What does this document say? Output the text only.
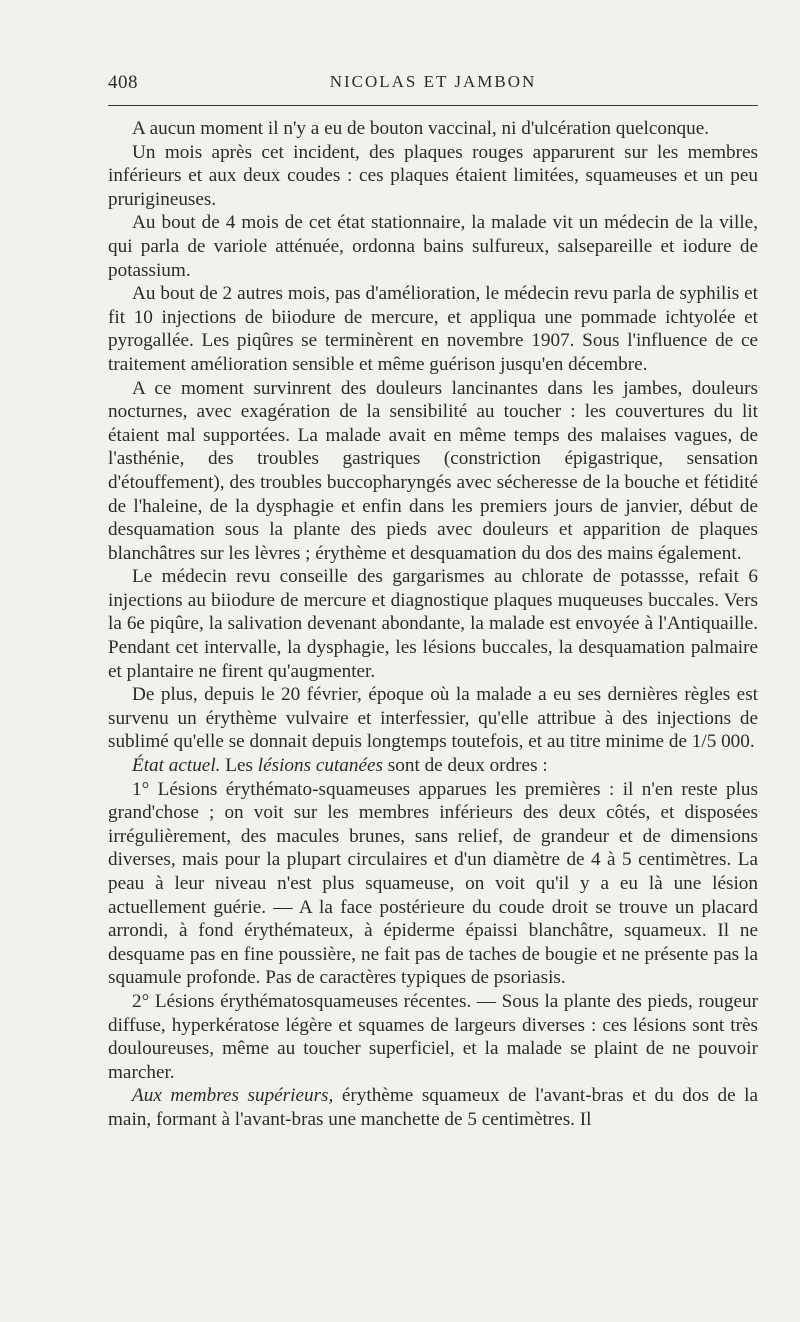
408	NICOLAS ET JAMBON

A aucun moment il n'y a eu de bouton vaccinal, ni d'ulcération quelconque.

Un mois après cet incident, des plaques rouges apparurent sur les membres inférieurs et aux deux coudes : ces plaques étaient limitées, squameuses et un peu prurigineuses.

Au bout de 4 mois de cet état stationnaire, la malade vit un médecin de la ville, qui parla de variole atténuée, ordonna bains sulfureux, salsepareille et iodure de potassium.

Au bout de 2 autres mois, pas d'amélioration, le médecin revu parla de syphilis et fit 10 injections de biiodure de mercure, et appliqua une pommade ichtyolée et pyrogallée. Les piqûres se terminèrent en novembre 1907. Sous l'influence de ce traitement amélioration sensible et même guérison jusqu'en décembre.

A ce moment survinrent des douleurs lancinantes dans les jambes, douleurs nocturnes, avec exagération de la sensibilité au toucher : les couvertures du lit étaient mal supportées. La malade avait en même temps des malaises vagues, de l'asthénie, des troubles gastriques (constriction épigastrique, sensation d'étouffement), des troubles buccopharyngés avec sécheresse de la bouche et fétidité de l'haleine, de la dysphagie et enfin dans les premiers jours de janvier, début de desquamation sous la plante des pieds avec douleurs et apparition de plaques blanchâtres sur les lèvres ; érythème et desquamation du dos des mains également.

Le médecin revu conseille des gargarismes au chlorate de potassse, refait 6 injections au biiodure de mercure et diagnostique plaques muqueuses buccales. Vers la 6e piqûre, la salivation devenant abondante, la malade est envoyée à l'Antiquaille. Pendant cet intervalle, la dysphagie, les lésions buccales, la desquamation palmaire et plantaire ne firent qu'augmenter.

De plus, depuis le 20 février, époque où la malade a eu ses dernières règles est survenu un érythème vulvaire et interfessier, qu'elle attribue à des injections de sublimé qu'elle se donnait depuis longtemps toutefois, et au titre minime de 1/5 000.

État actuel. Les lésions cutanées sont de deux ordres :

1° Lésions érythémato-squameuses apparues les premières : il n'en reste plus grand'chose ; on voit sur les membres inférieurs des deux côtés, et disposées irrégulièrement, des macules brunes, sans relief, de grandeur et de dimensions diverses, mais pour la plupart circulaires et d'un diamètre de 4 à 5 centimètres. La peau à leur niveau n'est plus squameuse, on voit qu'il y a eu là une lésion actuellement guérie. — A la face postérieure du coude droit se trouve un placard arrondi, à fond érythémateux, à épiderme épaissi blanchâtre, squameux. Il ne desquame pas en fine poussière, ne fait pas de taches de bougie et ne présente pas la squamule profonde. Pas de caractères typiques de psoriasis.

2° Lésions érythématosquameuses récentes. — Sous la plante des pieds, rougeur diffuse, hyperkératose légère et squames de largeurs diverses : ces lésions sont très douloureuses, même au toucher superficiel, et la malade se plaint de ne pouvoir marcher.

Aux membres supérieurs, érythème squameux de l'avant-bras et du dos de la main, formant à l'avant-bras une manchette de 5 centimètres. Il
